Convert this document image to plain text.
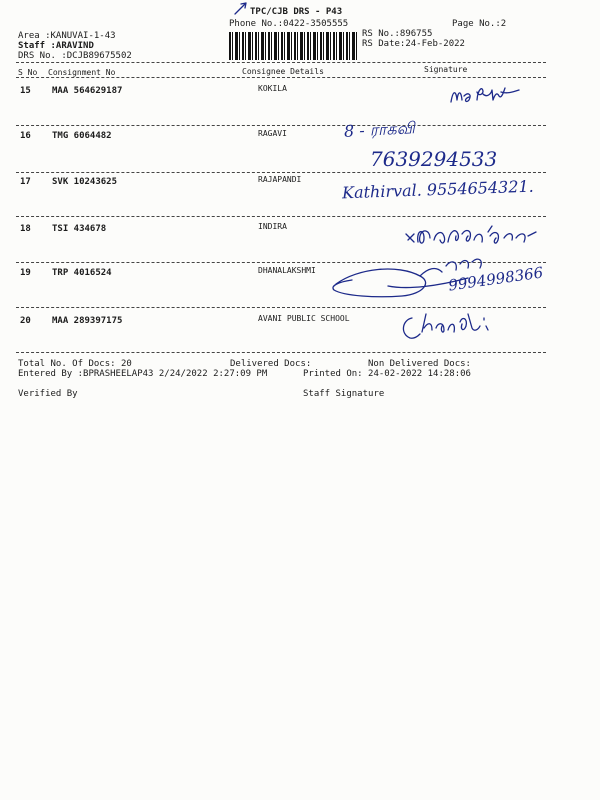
TPC/CJB DRS - P43
Phone No.:0422-3505555	Page No.:2
Area :KANUVAI-1-43
Staff :ARAVIND
DRS No. :DCJB89675502
RS No.:896755
RS Date:24-Feb-2022
S No Consignment No	Consignee Details	Signature
15 MAA 564629187	KOKILA
16 TMG 6064482	RAGAVI	8 - ராகவி
7639294533
17 SVK 10243625	RAJAPANDI	Kathirval. 9554654321.
18 TSI 434678	INDIRA
19 TRP 4016524	DHANALAKSHMI	9994998366
20 MAA 289397175	AVANI PUBLIC SCHOOL
Total No. Of Docs: 20	Delivered Docs:	Non Delivered Docs:
Entered By :BPRASHEELAP43 2/24/2022 2:27:09 PM	Printed On: 24-02-2022 14:28:06
Verified By	Staff Signature
